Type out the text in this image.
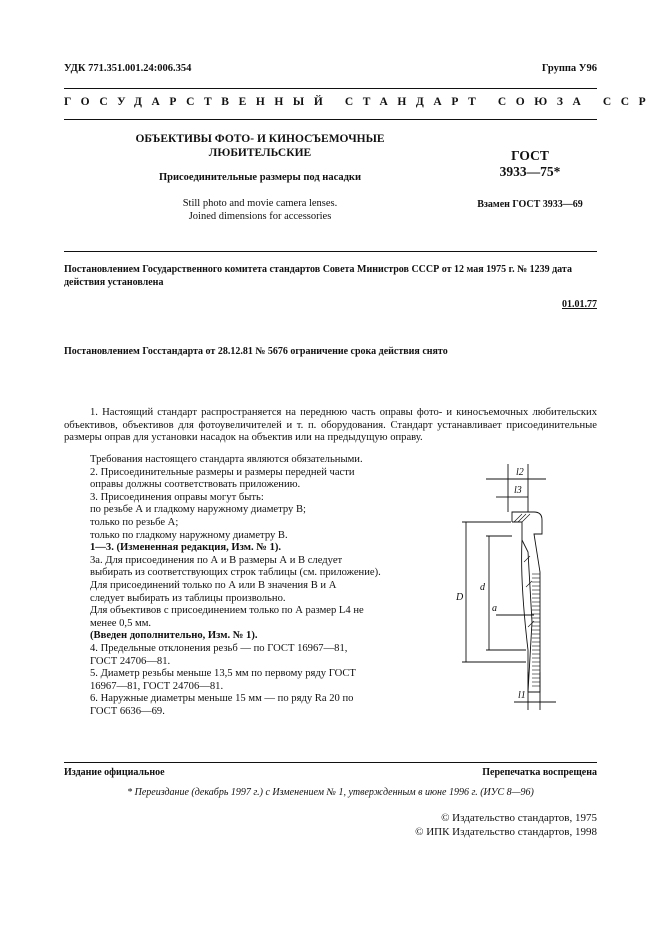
УДК 771.351.001.24:006.354	Группа У96
ГОСУДАРСТВЕННЫЙ СТАНДАРТ СОЮЗА ССР
ОБЪЕКТИВЫ ФОТО- И КИНОСЪЕМОЧНЫЕ
ЛЮБИТЕЛЬСКИЕ
Присоединительные размеры под насадки
Still photo and movie camera lenses.
Joined dimensions for accessories
ГОСТ
3933—75*
Взамен ГОСТ 3933—69
Постановлением Государственного комитета стандартов Совета Министров СССР от 12 мая 1975 г. № 1239 дата действия установлена
01.01.77
Постановлением Госстандарта от 28.12.81 № 5676 ограничение срока действия снято
1. Настоящий стандарт распространяется на переднюю часть оправы фото- и киносъемочных любительских объективов, объективов для фотоувеличителей и т. п. оборудования. Стандарт устанавливает присоединительные размеры оправ для установки насадок на объектив или на предыдущую оправу.
Требования настоящего стандарта являются обязательными.
2. Присоединительные размеры и размеры передней части
оправы должны соответствовать приложению.
3. Присоединения оправы могут быть:
по резьбе А и гладкому наружному диаметру В;
только по резьбе А;
только по гладкому наружному диаметру В.
1—3. (Измененная редакция, Изм. № 1).
3а. Для присоединения по А и В размеры А и В следует
выбирать из соответствующих строк таблицы (см. приложение).
Для присоединений только по А или В значения В и А
следует выбирать из таблицы произвольно.
Для объективов с присоединением только по А размер L4 не
менее 0,5 мм.
(Введен дополнительно, Изм. № 1).
4. Предельные отклонения резьб — по ГОСТ 16967—81,
ГОСТ 24706—81.
5. Диаметр резьбы меньше 13,5 мм по первому ряду ГОСТ
16967—81, ГОСТ 24706—81.
6. Наружные диаметры меньше 15 мм — по ряду Ra 20 по
ГОСТ 6636—69.
l2
l3
D
d
a
l1
Издание официальное	Перепечатка воспрещена
* Переиздание (декабрь 1997 г.) с Изменением № 1, утвержденным в июне 1996 г. (ИУС 8—96)
© Издательство стандартов, 1975
© ИПК Издательство стандартов, 1998
